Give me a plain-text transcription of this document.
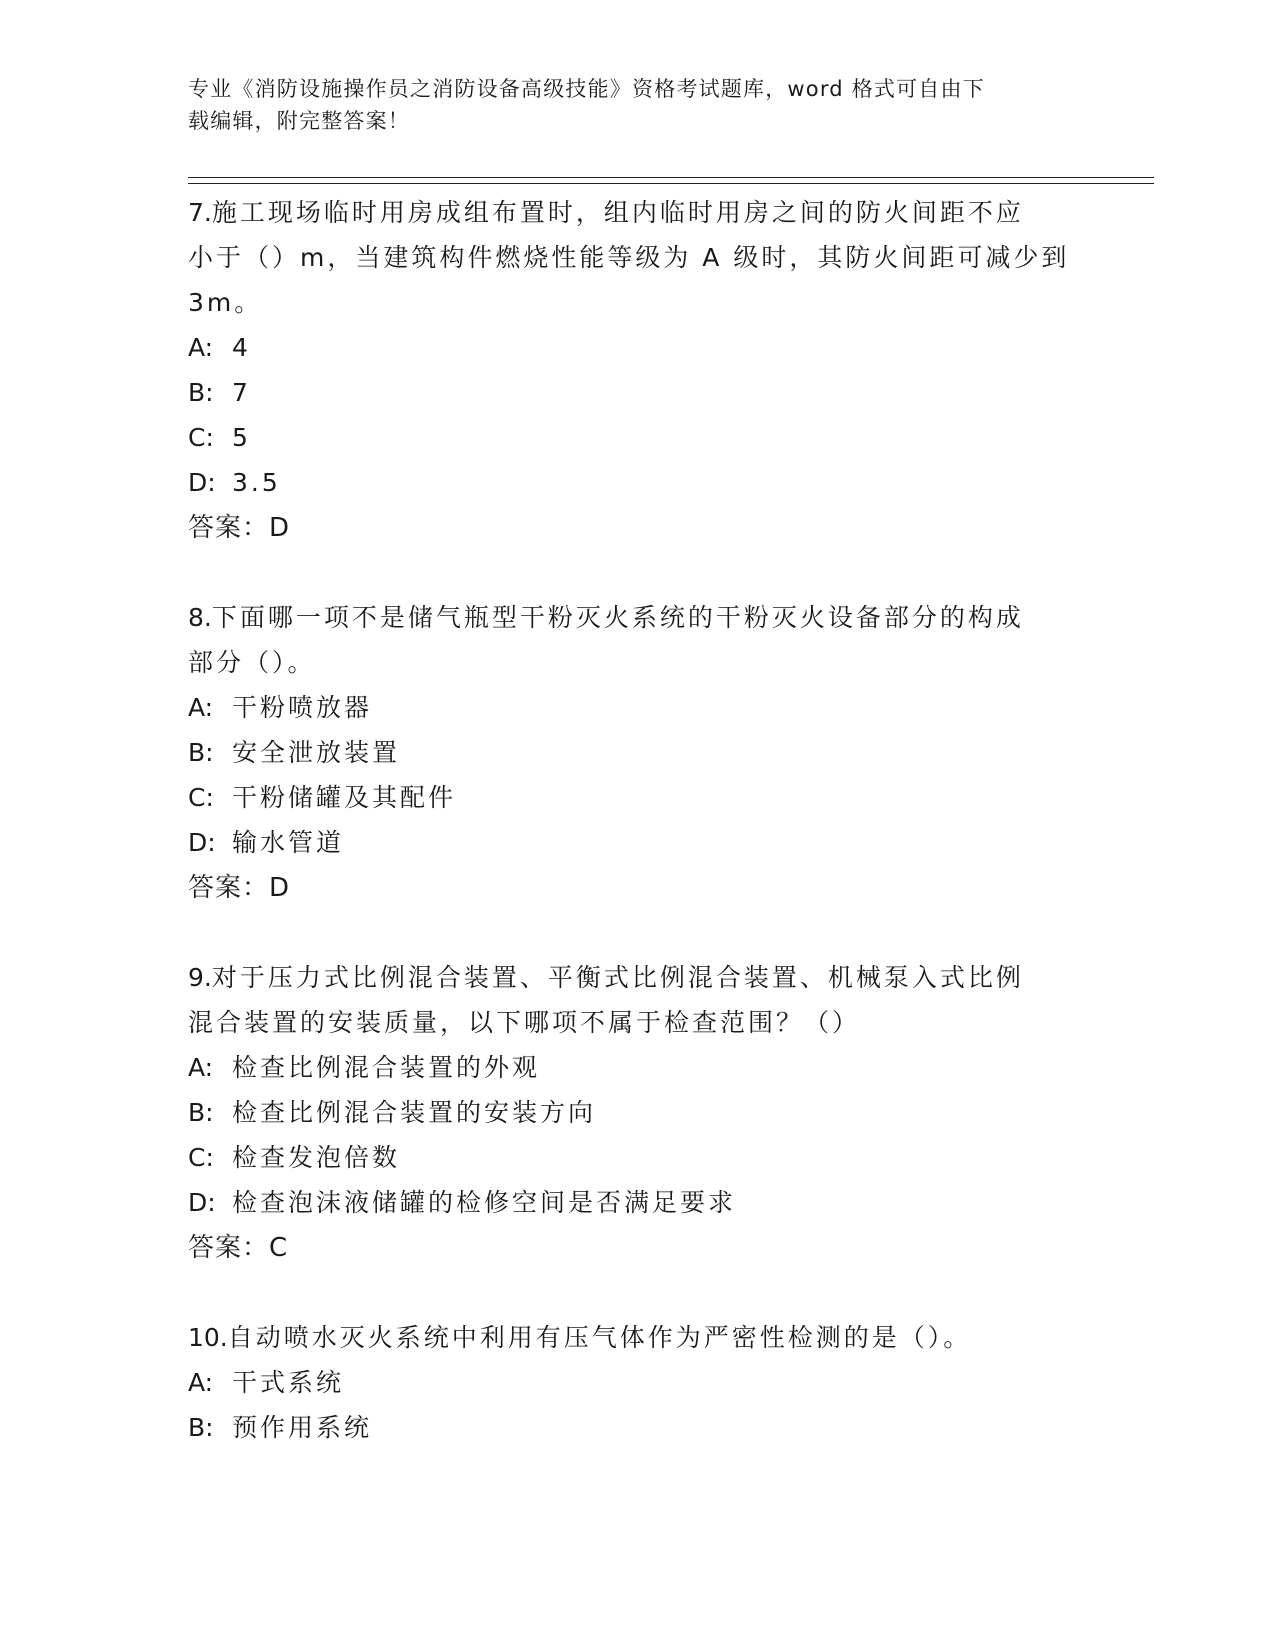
专业《消防设施操作员之消防设备高级技能》资格考试题库，word 格式可自由下
载编辑，附完整答案！

7.施工现场临时用房成组布置时，组内临时用房之间的防火间距不应

小于（）m，当建筑构件燃烧性能等级为 A 级时，其防火间距可减少到

3m。

A: 4
B: 7
C: 5
D: 3.5
答案：D

8.下面哪一项不是储气瓶型干粉灭火系统的干粉灭火设备部分的构成

部分（）。

A: 干粉喷放器
B: 安全泄放装置
C: 干粉储罐及其配件
D: 输水管道
答案：D

9.对于压力式比例混合装置、平衡式比例混合装置、机械泵入式比例

混合装置的安装质量，以下哪项不属于检查范围？（）

A: 检查比例混合装置的外观
B: 检查比例混合装置的安装方向
C: 检查发泡倍数
D: 检查泡沫液储罐的检修空间是否满足要求
答案：C

10.自动喷水灭火系统中利用有压气体作为严密性检测的是（）。

A: 干式系统
B: 预作用系统
